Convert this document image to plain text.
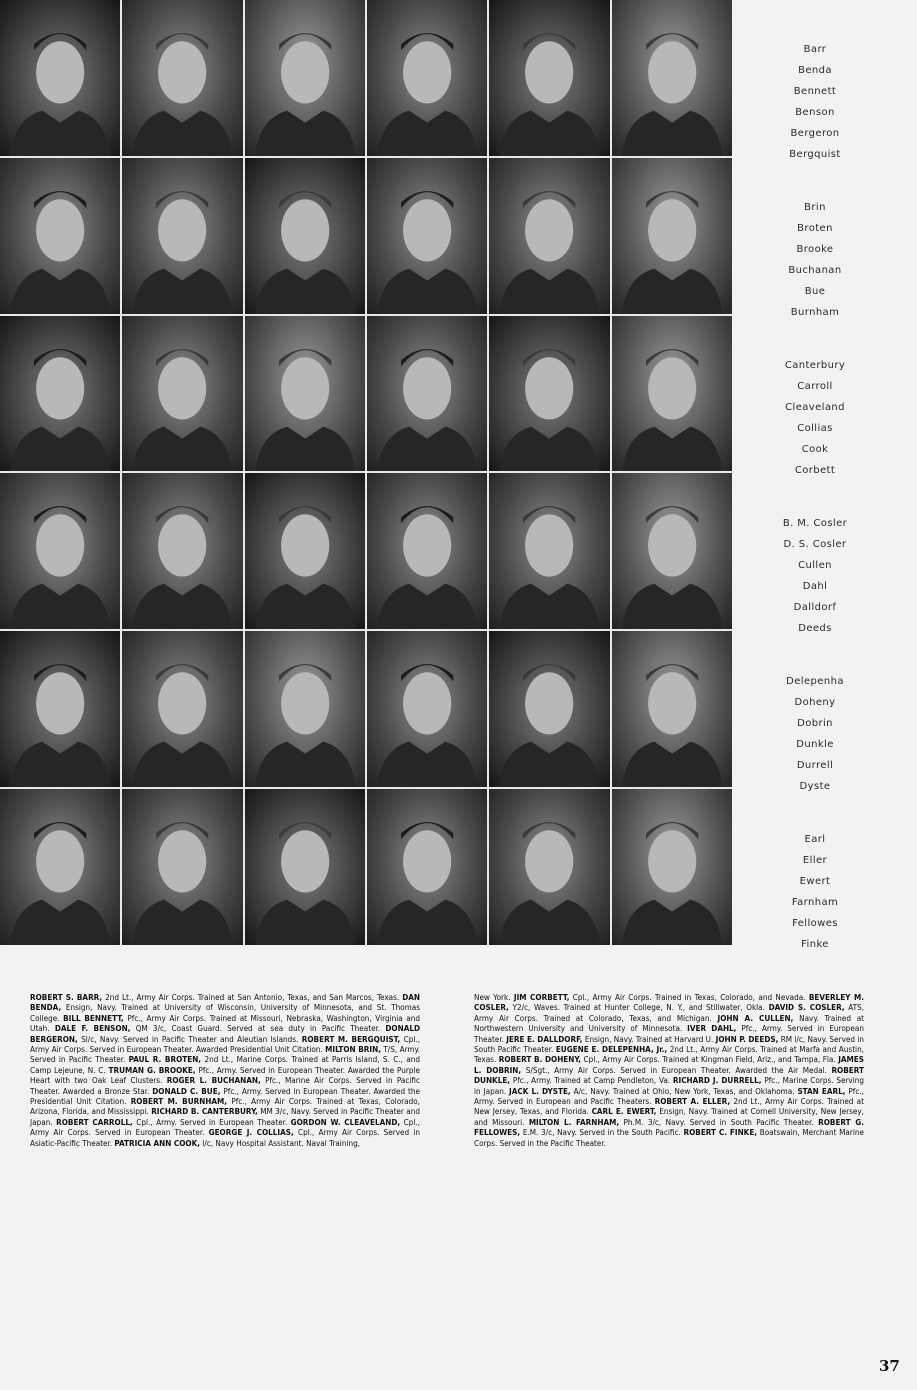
Barr
Benda
Bennett
Benson
Bergeron
Bergquist
Brin
Broten
Brooke
Buchanan
Bue
Burnham
Canterbury
Carroll
Cleaveland
Collias
Cook
Corbett
B. M. Cosler
D. S. Cosler
Cullen
Dahl
Dalldorf
Deeds
Delepenha
Doheny
Dobrin
Dunkle
Durrell
Dyste
Earl
Eller
Ewert
Farnham
Fellowes
Finke
ROBERT S. BARR, 2nd Lt., Army Air Corps. Trained at San Antonio, Texas, and San Marcos, Texas. DAN BENDA, Ensign, Navy. Trained at University of Wisconsin, University of Minnesota, and St. Thomas College. BILL BENNETT, Pfc., Army Air Corps. Trained at Missouri, Nebraska, Washington, Virginia and Utah. DALE F. BENSON, QM 3/c, Coast Guard. Served at sea duty in Pacific Theater. DONALD BERGERON, Sl/c, Navy. Served in Pacific Theater and Aleutian Islands. ROBERT M. BERGQUIST, Cpl., Army Air Corps. Served in European Theater. Awarded Presidential Unit Citation. MILTON BRIN, T/S, Army. Served in Pacific Theater. PAUL R. BROTEN, 2nd Lt., Marine Corps. Trained at Parris Island, S. C., and Camp Lejeune, N. C. TRUMAN G. BROOKE, Pfc., Army. Served in European Theater. Awarded the Purple Heart with two Oak Leaf Clusters. ROGER L. BUCHANAN, Pfc., Marine Air Corps. Served in Pacific Theater. Awarded a Bronze Star. DONALD C. BUE, Pfc., Army. Served in European Theater. Awarded the Presidential Unit Citation. ROBERT M. BURNHAM, Pfc., Army Air Corps. Trained at Texas, Colorado, Arizona, Florida, and Mississippi. RICHARD B. CANTERBURY, MM 3/c, Navy. Served in Pacific Theater and Japan. ROBERT CARROLL, Cpl., Army. Served in European Theater. GORDON W. CLEAVELAND, Cpl., Army Air Corps. Served in European Theater. GEORGE J. COLLIAS, Cpl., Army Air Corps. Served in Asiatic-Pacific Theater. PATRICIA ANN COOK, l/c, Navy Hospital Assistant. Naval Training,
New York. JIM CORBETT, Cpl., Army Air Corps. Trained in Texas, Colorado, and Nevada. BEVERLEY M. COSLER, Y2/c, Waves. Trained at Hunter College, N. Y., and Stillwater, Okla. DAVID S. COSLER, ATS, Army Air Corps. Trained at Colorado, Texas, and Michigan. JOHN A. CULLEN, Navy. Trained at Northwestern University and University of Minnesota. IVER DAHL, Pfc., Army. Served in European Theater. JERE E. DALLDORF, Ensign, Navy. Trained at Harvard U. JOHN P. DEEDS, RM l/c, Navy. Served in South Pacific Theater. EUGENE E. DELEPENHA, Jr., 2nd Lt., Army Air Corps. Trained at Marfa and Austin, Texas. ROBERT B. DOHENY, Cpl., Army Air Corps. Trained at Kingman Field, Ariz., and Tampa, Fla. JAMES L. DOBRIN, S/Sgt., Army Air Corps. Served in European Theater. Awarded the Air Medal. ROBERT DUNKLE, Pfc., Army. Trained at Camp Pendleton, Va. RICHARD J. DURRELL, Pfc., Marine Corps. Serving in Japan. JACK L. DYSTE, A/c, Navy. Trained at Ohio, New York, Texas, and Oklahoma. STAN EARL, Pfc., Army. Served in European and Pacific Theaters. ROBERT A. ELLER, 2nd Lt., Army Air Corps. Trained at New Jersey, Texas, and Florida. CARL E. EWERT, Ensign, Navy. Trained at Cornell University, New Jersey, and Missouri. MILTON L. FARNHAM, Ph.M. 3/c, Navy. Served in South Pacific Theater. ROBERT G. FELLOWES, E.M. 3/c, Navy. Served in the South Pacific. ROBERT C. FINKE, Boatswain, Merchant Marine Corps. Served in the Pacific Theater.
37
